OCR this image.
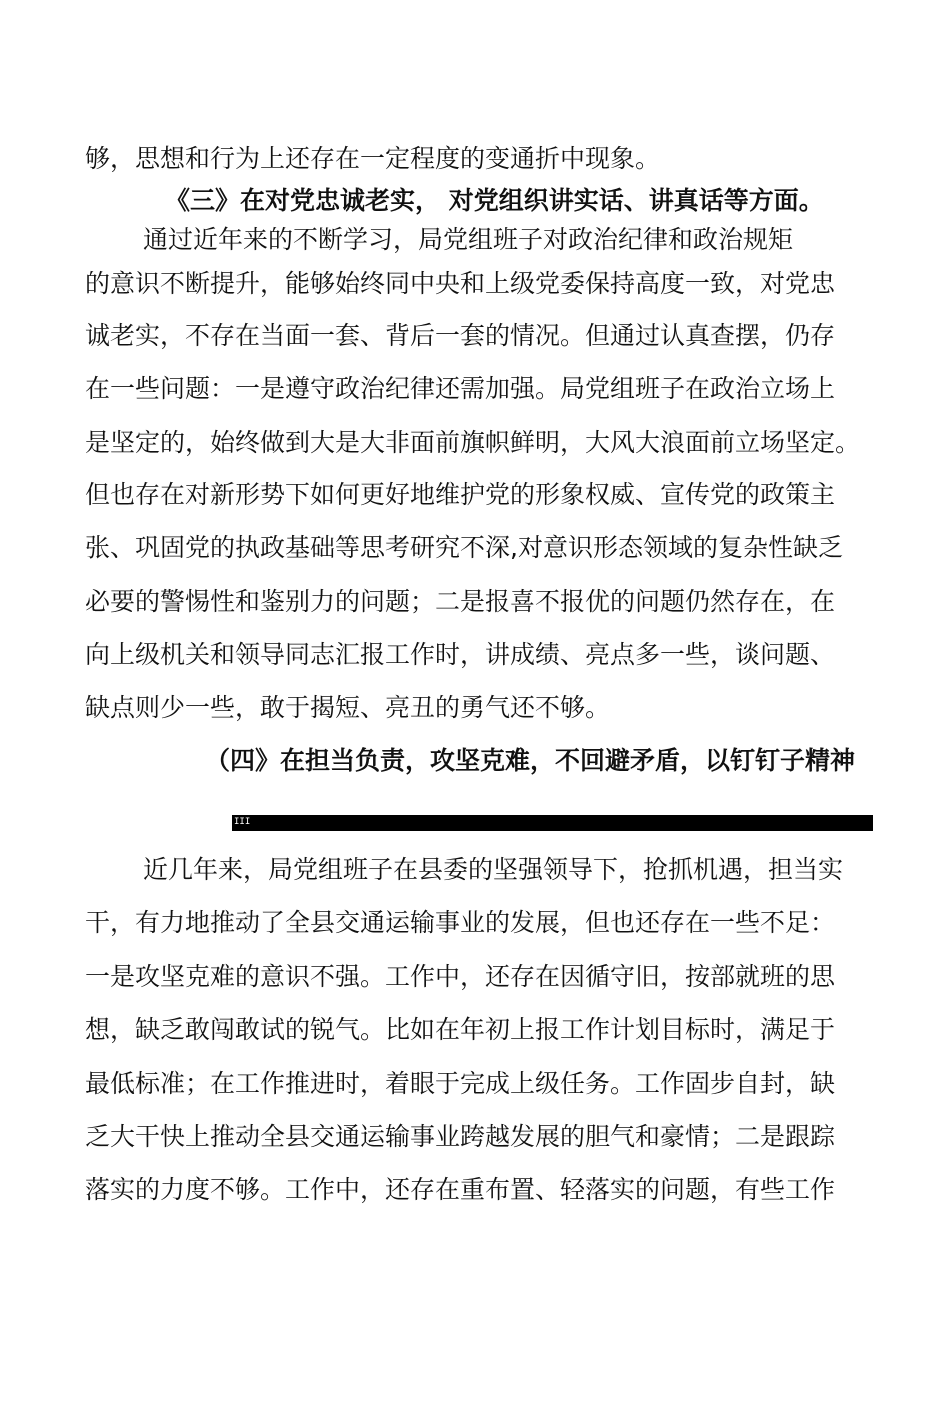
够，思想和行为上还存在一定程度的变通折中现象。

《三》在对党忠诚老实， 对党组织讲实话、讲真话等方面。

通过近年来的不断学习，局党组班子对政治纪律和政治规矩

的意识不断提升，能够始终同中央和上级党委保持高度一致，对党忠

诚老实，不存在当面一套、背后一套的情况。但通过认真查摆，仍存

在一些问题：一是遵守政治纪律还需加强。局党组班子在政治立场上

是坚定的，始终做到大是大非面前旗帜鲜明，大风大浪面前立场坚定。

但也存在对新形势下如何更好地维护党的形象权威、宣传党的政策主

张、巩固党的执政基础等思考研究不深,对意识形态领域的复杂性缺乏

必要的警惕性和鉴别力的问题；二是报喜不报优的问题仍然存在，在

向上级机关和领导同志汇报工作时，讲成绩、亮点多一些，谈问题、

缺点则少一些，敢于揭短、亮丑的勇气还不够。

（四》在担当负责，攻坚克难，不回避矛盾，以钉钉子精神

III

近几年来，局党组班子在县委的坚强领导下，抢抓机遇，担当实

干，有力地推动了全县交通运输事业的发展，但也还存在一些不足：

一是攻坚克难的意识不强。工作中，还存在因循守旧，按部就班的思

想，缺乏敢闯敢试的锐气。比如在年初上报工作计划目标时，满足于

最低标准；在工作推进时，着眼于完成上级任务。工作固步自封，缺

乏大干快上推动全县交通运输事业跨越发展的胆气和豪情；二是跟踪

落实的力度不够。工作中，还存在重布置、轻落实的问题，有些工作
